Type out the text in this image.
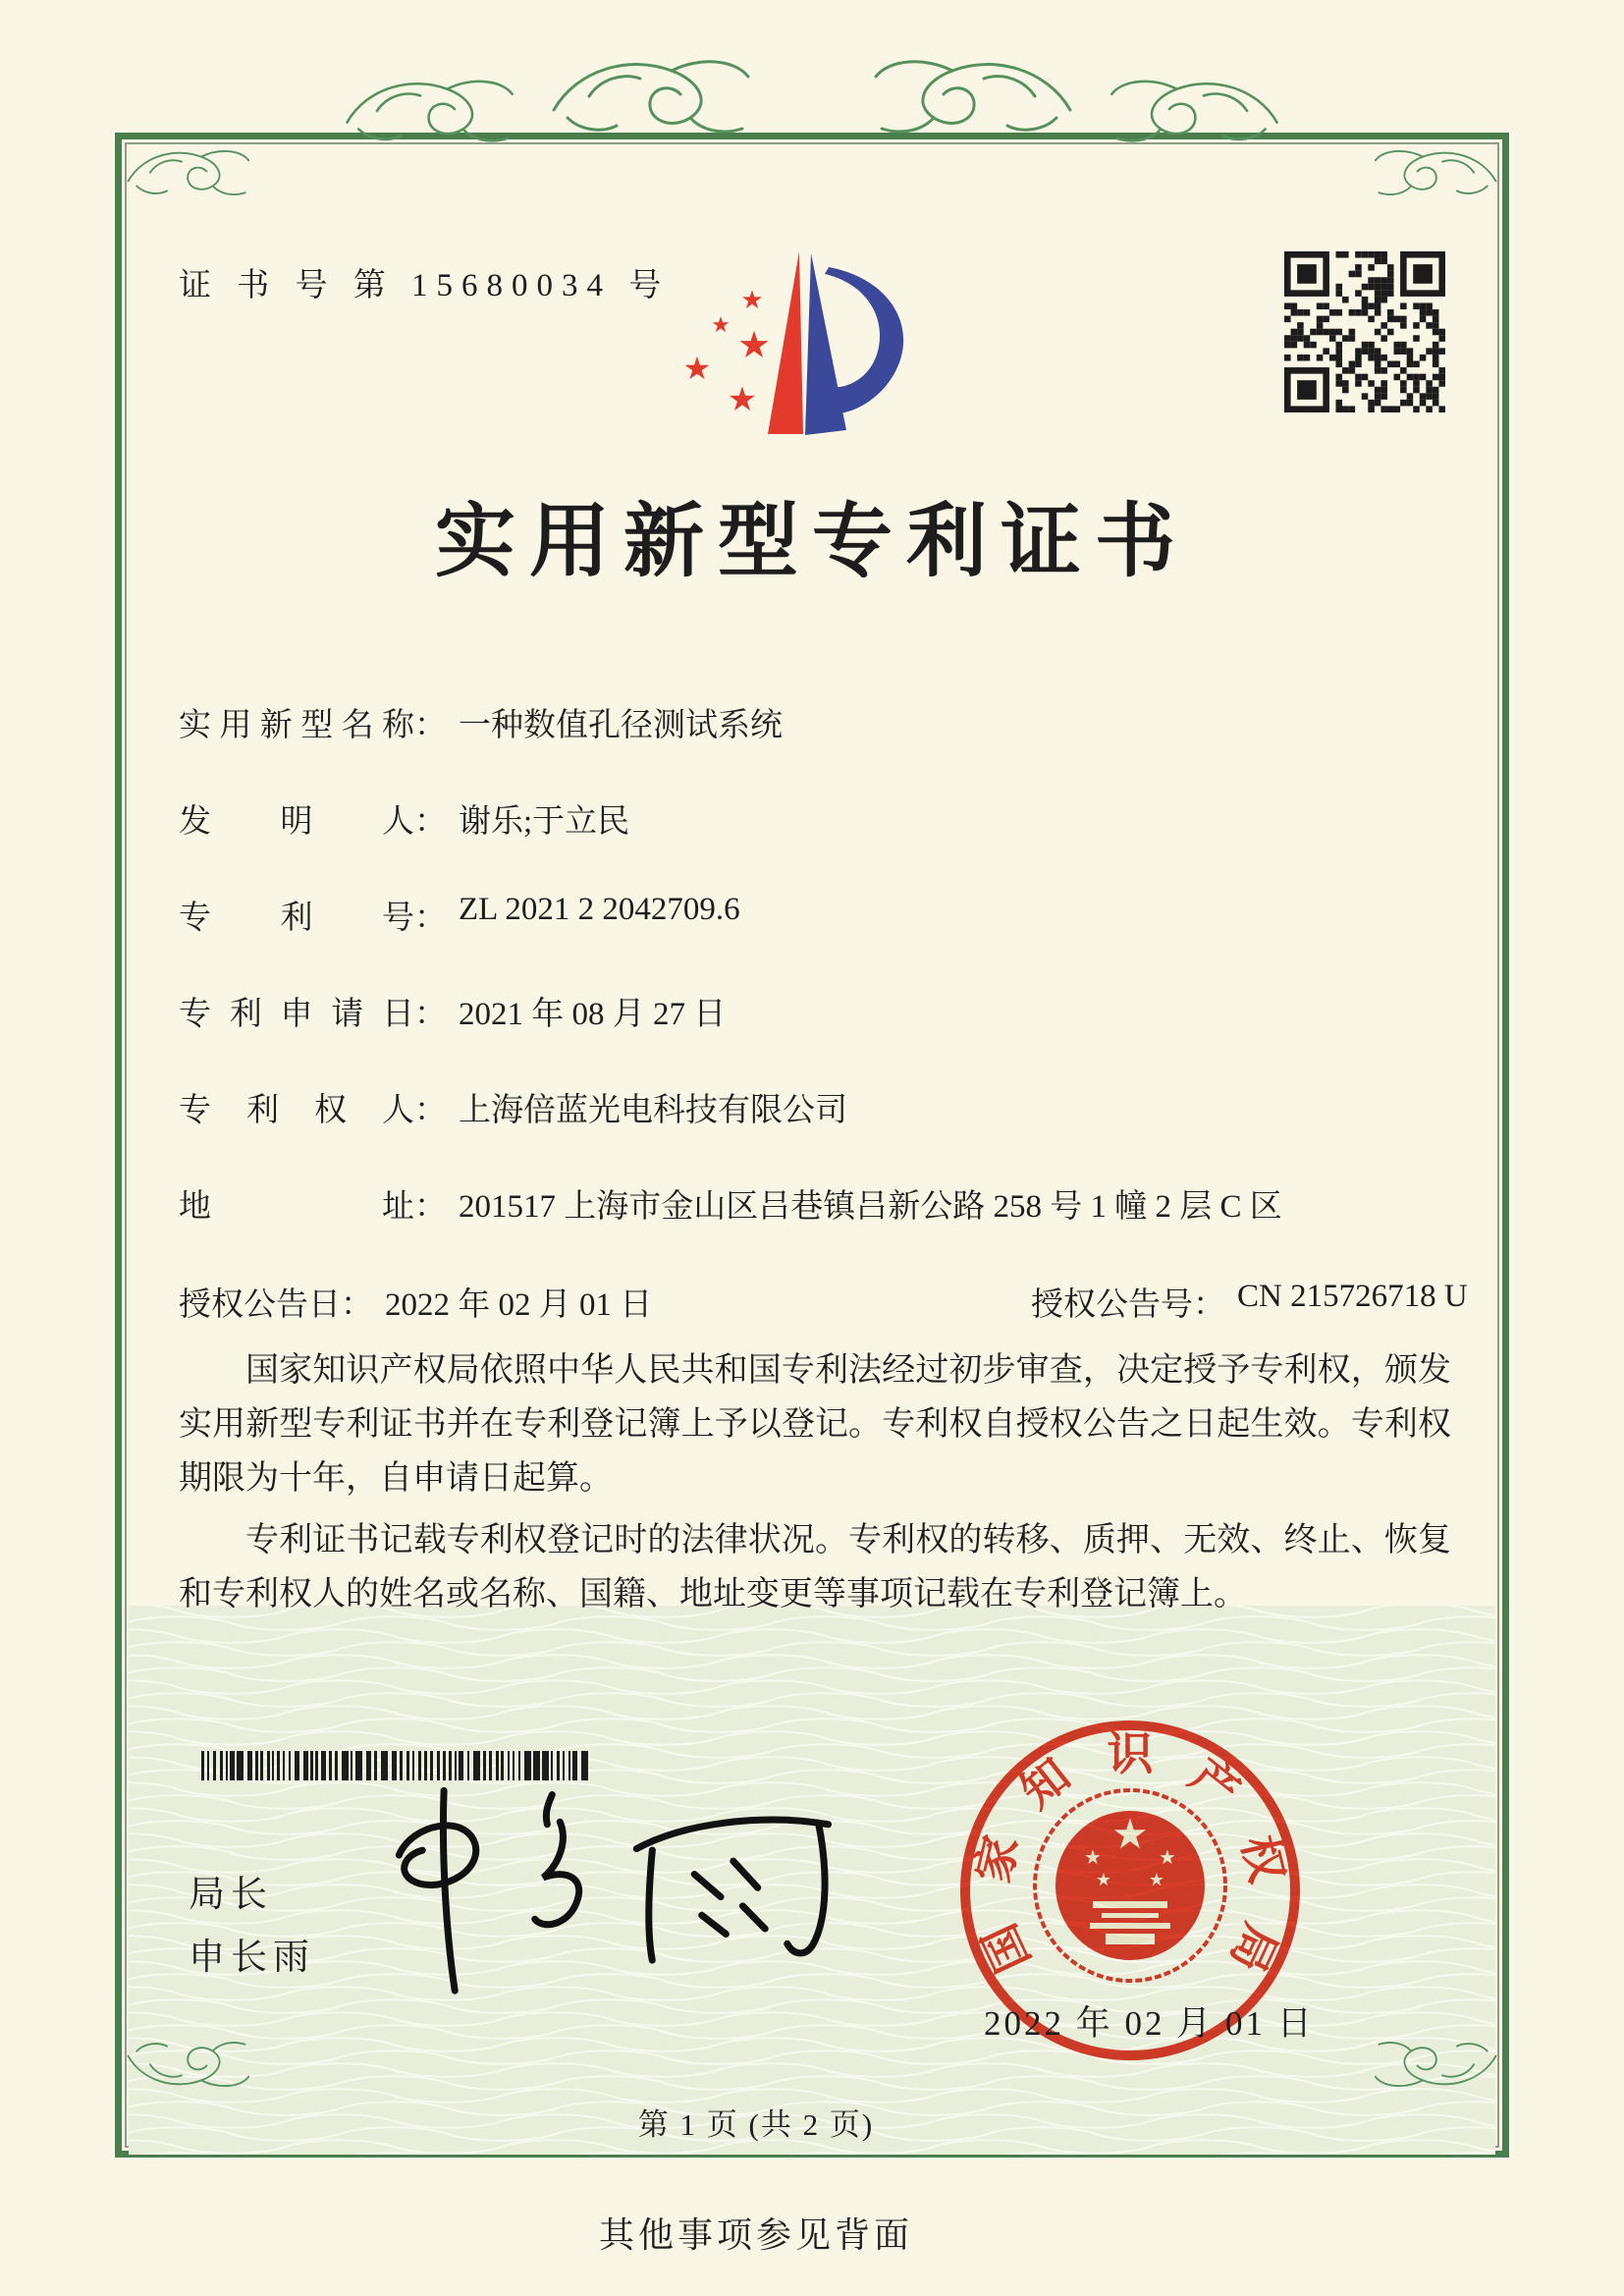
证 书 号 第 15680034 号	★
★
★
★
★
实用新型专利证书
实用新型名称： 一种数值孔径测试系统
发明人： 谢乐;于立民
专利号： ZL 2021 2 2042709.6
专利申请日： 2021 年 08 月 27 日
专利权人： 上海倍蓝光电科技有限公司
地址： 201517 上海市金山区吕巷镇吕新公路 258 号 1 幢 2 层 C 区
授权公告日： 2022 年 02 月 01 日	授权公告号： CN 215726718 U

国家知识产权局依照中华人民共和国专利法经过初步审查，决定授予专利权，颁发实用新型专利证书并在专利登记簿上予以登记。专利权自授权公告之日起生效。专利权期限为十年，自申请日起算。

专利证书记载专利权登记时的法律状况。专利权的转移、质押、无效、终止、恢复和专利权人的姓名或名称、国籍、地址变更等事项记载在专利登记簿上。

局长
申长雨
★
★	★
★ ★
国
家
知 识 产
权
局
2022 年 02 月 01 日
第 1 页 (共 2 页)
其他事项参见背面
